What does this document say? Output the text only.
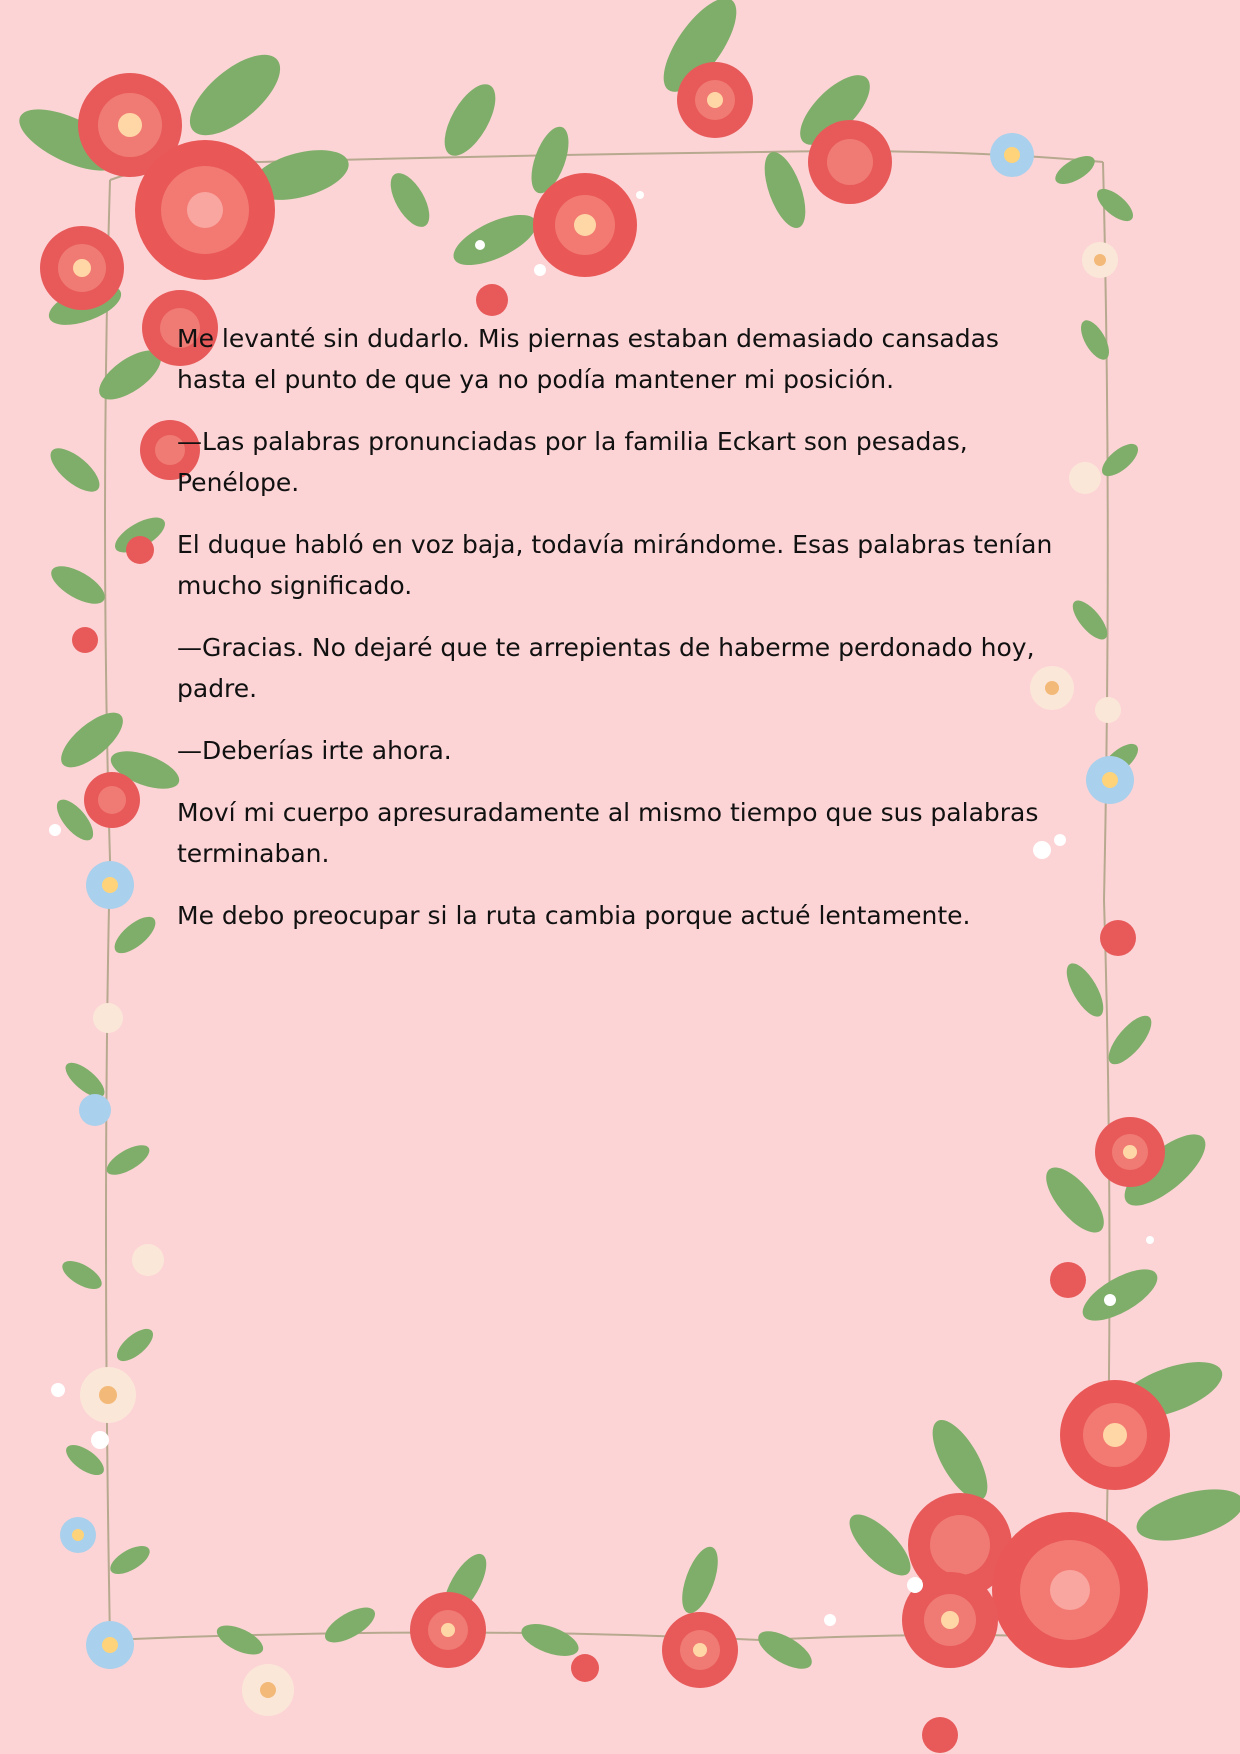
Me levanté sin dudarlo. Mis piernas estaban demasiado cansadas hasta el punto de que ya no podía mantener mi posición.

—Las palabras pronunciadas por la familia Eckart son pesadas, Penélope.

El duque habló en voz baja, todavía mirándome. Esas palabras tenían mucho significado.

—Gracias. No dejaré que te arrepientas de haberme perdonado hoy, padre.

—Deberías irte ahora.

Moví mi cuerpo apresuradamente al mismo tiempo que sus palabras terminaban.

Me debo preocupar si la ruta cambia porque actué lentamente.
